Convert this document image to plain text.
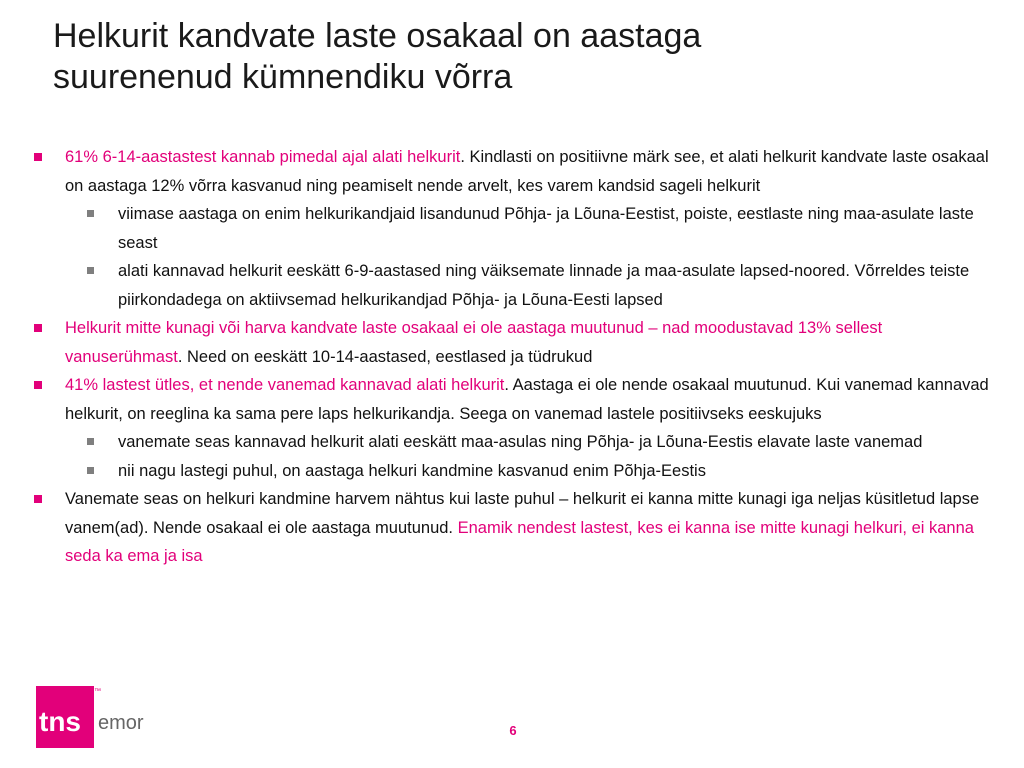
Helkurit kandvate laste osakaal on aastaga
suurenenud kümnendiku võrra
61% 6-14-aastastest kannab pimedal ajal alati helkurit. Kindlasti on positiivne märk see, et alati helkurit kandvate laste osakaal on aastaga 12% võrra kasvanud ning peamiselt nende arvelt, kes varem kandsid sageli helkurit
viimase aastaga on enim helkurikandjaid lisandunud Põhja- ja Lõuna-Eestist, poiste, eestlaste ning maa-asulate laste seast
alati kannavad helkurit eeskätt 6-9-aastased ning väiksemate linnade ja maa-asulate lapsed-noored. Võrreldes teiste piirkondadega on aktiivsemad helkurikandjad Põhja- ja Lõuna-Eesti lapsed
Helkurit mitte kunagi või harva kandvate laste osakaal ei ole aastaga muutunud – nad moodustavad 13% sellest vanuserühmast. Need on eeskätt 10-14-aastased, eestlased ja tüdrukud
41% lastest ütles, et nende vanemad kannavad alati helkurit. Aastaga ei ole nende osakaal muutunud. Kui vanemad kannavad helkurit, on reeglina ka sama pere laps helkurikandja. Seega on vanemad lastele positiivseks eeskujuks
vanemate seas kannavad helkurit alati eeskätt maa-asulas ning Põhja- ja Lõuna-Eestis elavate laste vanemad
nii nagu lastegi puhul, on aastaga helkuri kandmine kasvanud enim Põhja-Eestis
Vanemate seas on helkuri kandmine harvem nähtus kui laste puhul – helkurit ei kanna mitte kunagi iga neljas küsitletud lapse vanem(ad). Nende osakaal ei ole aastaga muutunud. Enamik nendest lastest, kes ei kanna ise mitte kunagi helkuri, ei kanna seda ka ema ja isa
tns
™
emor	6
